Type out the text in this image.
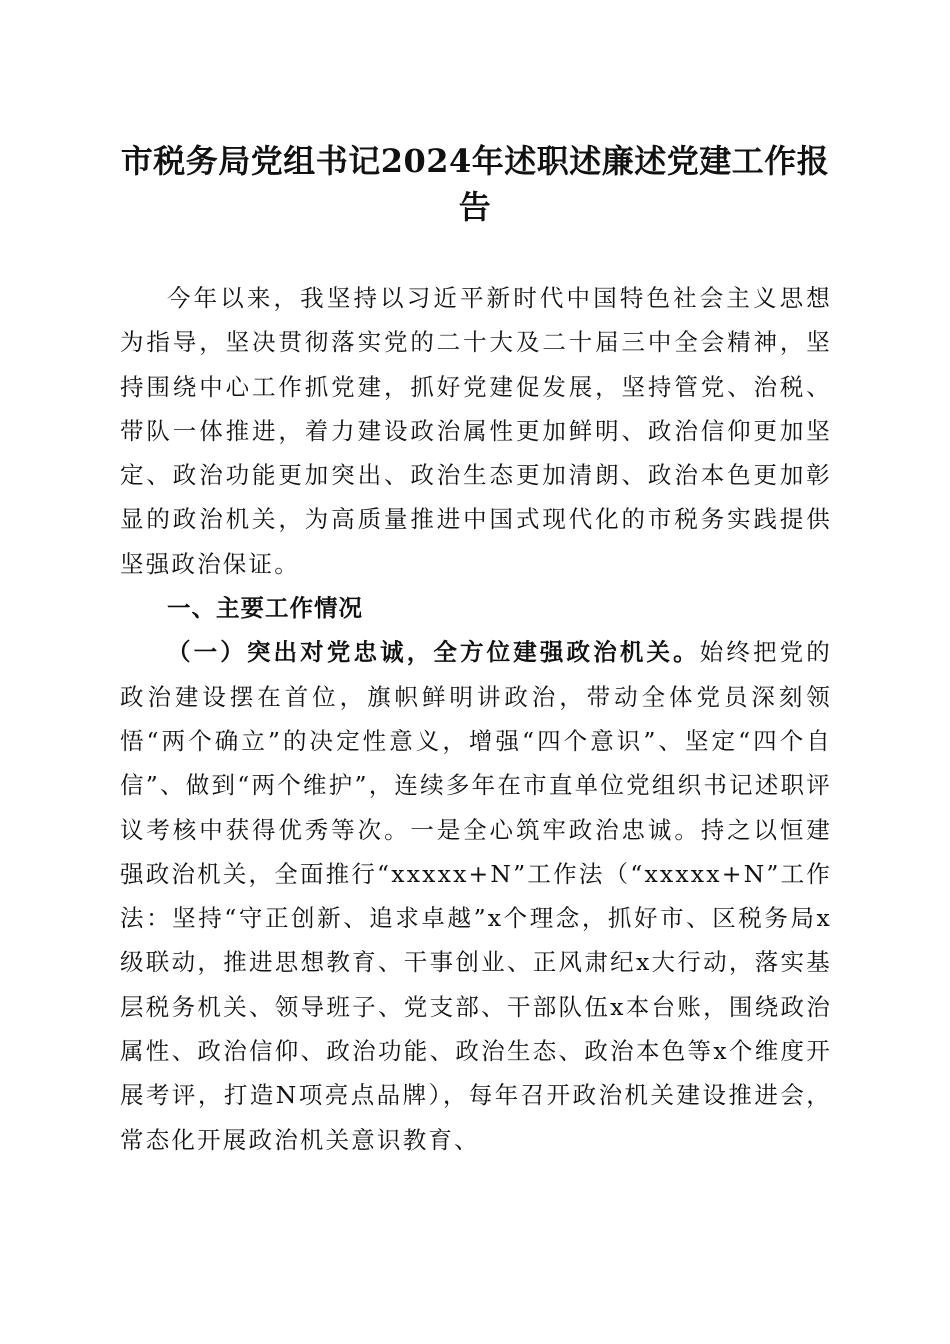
市税务局党组书记2024年述职述廉述党建工作报告

今年以来，我坚持以习近平新时代中国特色社会主义思想为指导，坚决贯彻落实党的二十大及二十届三中全会精神，坚持围绕中心工作抓党建，抓好党建促发展，坚持管党、治税、带队一体推进，着力建设政治属性更加鲜明、政治信仰更加坚定、政治功能更加突出、政治生态更加清朗、政治本色更加彰显的政治机关，为高质量推进中国式现代化的市税务实践提供坚强政治保证。

一、主要工作情况

（一）突出对党忠诚，全方位建强政治机关。始终把党的政治建设摆在首位，旗帜鲜明讲政治，带动全体党员深刻领悟“两个确立”的决定性意义，增强“四个意识”、坚定“四个自信”、做到“两个维护”，连续多年在市直单位党组织书记述职评议考核中获得优秀等次。一是全心筑牢政治忠诚。持之以恒建强政治机关，全面推行“xxxxx+N”工作法（“xxxxx+N”工作法：坚持“守正创新、追求卓越”x个理念，抓好市、区税务局x级联动，推进思想教育、干事创业、正风肃纪x大行动，落实基层税务机关、领导班子、党支部、干部队伍x本台账，围绕政治属性、政治信仰、政治功能、政治生态、政治本色等x个维度开展考评，打造N项亮点品牌），每年召开政治机关建设推进会，常态化开展政治机关意识教育、
